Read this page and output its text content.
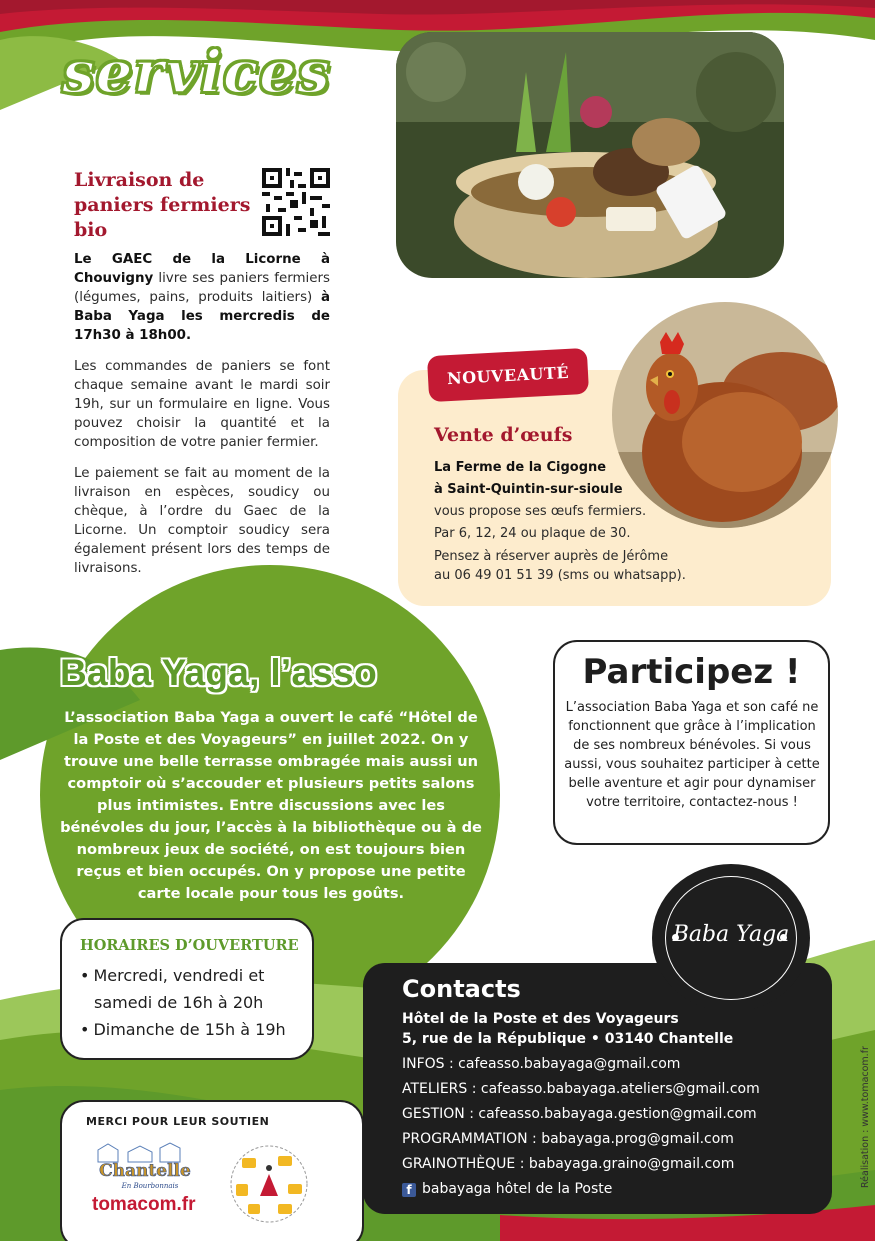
services
Livraison de paniers fermiers bio

Le GAEC de la Licorne à Chouvigny livre ses paniers fermiers (légumes, pains, produits laitiers) à Baba Yaga les mercredis de 17h30 à 18h00.

Les commandes de paniers se font chaque semaine avant le mardi soir 19h, sur un formulaire en ligne. Vous pouvez choisir la quantité et la composition de votre panier fermier.

Le paiement se fait au moment de la livraison en espèces, soudicy ou chèque, à l’ordre du Gaec de la Licorne. Un comptoir soudicy sera également présent lors des temps de livraisons.

NOUVEAUTÉ
Vente d’œufs
La Ferme de la Cigogne
à Saint-Quintin-sur-sioule
vous propose ses œufs fermiers.
Par 6, 12, 24 ou plaque de 30.
Pensez à réserver auprès de Jérôme
au 06 49 01 51 39 (sms ou whatsapp).
Baba Yaga, l’asso
L’association Baba Yaga a ouvert le café “Hôtel de la Poste et des Voyageurs” en juillet 2022. On y trouve une belle terrasse ombragée mais aussi un comptoir où s’accouder et plusieurs petits salons plus intimistes. Entre discussions avec les bénévoles du jour, l’accès à la bibliothèque ou à de nombreux jeux de société, on est toujours bien reçus et bien occupés. On y propose une petite carte locale pour tous les goûts.
Participez !
L’association Baba Yaga et son café ne fonctionnent que grâce à l’implication de ses nombreux bénévoles. Si vous aussi, vous souhaitez participer à cette belle aventure et agir pour dynamiser votre territoire, contactez-nous !
HORAIRES D’OUVERTURE
• Mercredi, vendredi et
samedi de 16h à 20h
• Dimanche de 15h à 19h
Contacts
Hôtel de la Poste et des Voyageurs
5, rue de la République • 03140 Chantelle
INFOS : cafeasso.babayaga@gmail.com
ATELIERS : cafeasso.babayaga.ateliers@gmail.com
GESTION : cafeasso.babayaga.gestion@gmail.com
PROGRAMMATION : babayaga.prog@gmail.com
GRAINOTHÈQUE : babayaga.graino@gmail.com
f babayaga hôtel de la Poste
Baba Yaga
MERCI POUR LEUR SOUTIEN
Chantelle
En Bourbonnais
tomacom.fr
Réalisation : www.tomacom.fr
